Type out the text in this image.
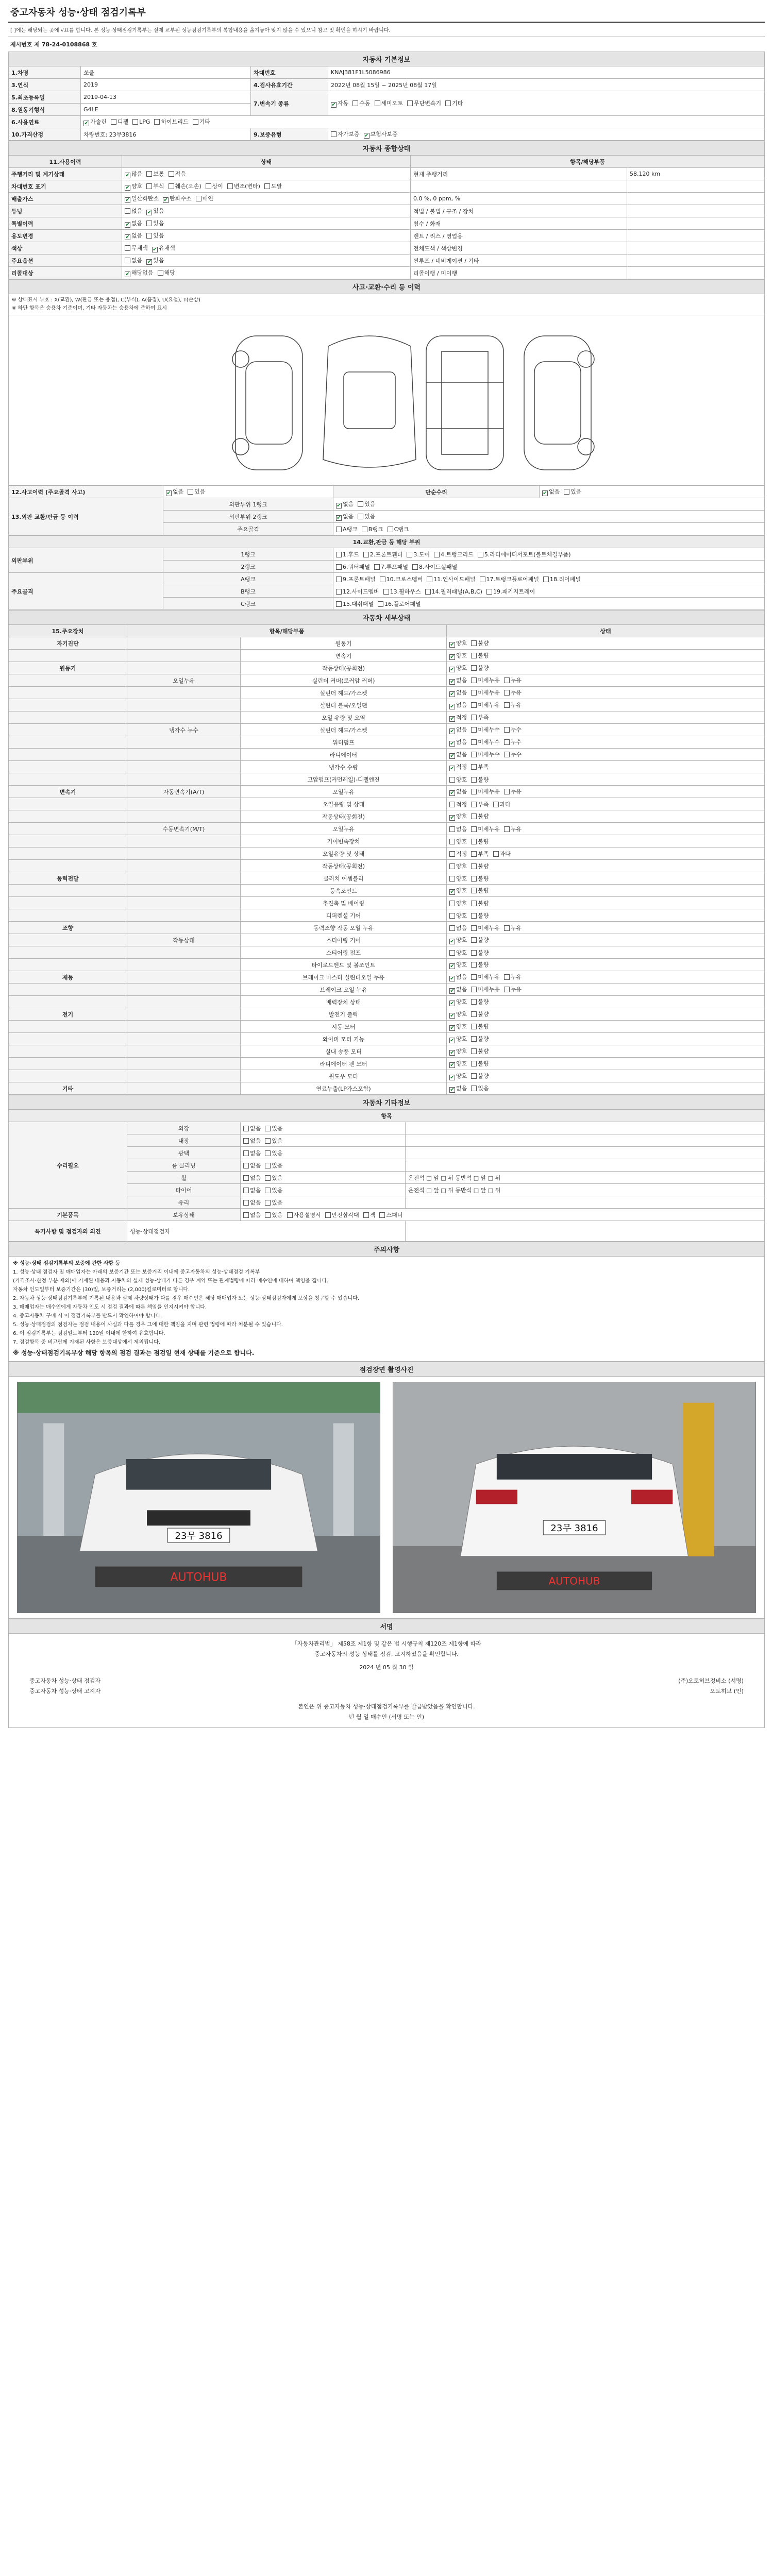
중고자동차 성능·상태 점검기록부
[ ]에는 해당되는 곳에 √표를 합니다. 본 성능·상태점검기록부는 실제 교부된 성능점검기록부의 복합내용을 옮겨놓아 맞지 않을 수 있으니 참고 및 확인을 하시기 바랍니다.
제시번호 제 78-24-0108868 호
자동차 기본정보			
1.차명	쏘울	차대번호	KNAJ381F1L5086986
3.연식	2019	4.검사유효기간	2022년 08월 15일 ~ 2025년 08월 17일
5.최초등록일	2019-04-13	7.변속기 종류	✔자동 수동 세미오토 무단변속기 기타
8.원동기형식	G4LE		
6.사용연료	✔가솔린 디젤 LPG 하이브리드 기타
10.가격산정	차량번호: 23무3816	9.보증유형	자가보증 ✔ 보험사보증
자동차 종합상태			
11.사용이력	상태	항목/해당부품	
주행거리 및 계기상태	✔많음 보통 적음	현재 주행거리	58,120 km
차대번호 표기	✔양호 부식 훼손(오손) 상이 변조(변타) 도말		
배출가스	✔일산화탄소 ✔ 탄화수소 매연	0.0 %, 0 ppm, %	
튜닝	없음 ✔ 있음	적법 / 불법 / 구조 / 장치	
특별이력	✔없음 있음	침수 / 화재	
용도변경	✔없음 있음	렌트 / 리스 / 영업용	
색상	무채색 ✔ 유채색	전체도색 / 색상변경	
주요옵션	없음 ✔ 있음	썬루프 / 네비게이션 / 기타	
리콜대상	✔해당없음 해당	리콜이행 / 미이행	
사고·교환·수리 등 이력

※ 상태표시 부호 : X(교환), W(판금 또는 용접), C(부식), A(흠집), U(요철), T(손상)
※ 하단 항목은 승용차 기준이며, 기타 자동차는 승용차에 준하여 표시
12.사고이력 (주요골격 사고)	✔없음 있음	단순수리	✔없음 있음
13.외판 교환/판금 등 이력	외판부위 1랭크	✔없음 있음
	외판부위 2랭크	✔없음 있음
	주요골격	A랭크 B랭크 C랭크	
14.교환,판금 등 해당 부위		
외판부위	1랭크	1.후드 2.프론트휀더 3.도어 4.트렁크리드 5.라디에이터서포트(볼트체결부품)
	2랭크	6.쿼터패널 7.루프패널 8.사이드실패널
주요골격	A랭크	9.프론트패널 10.크로스멤버 11.인사이드패널 17.트렁크플로어패널 18.리어패널
	B랭크	12.사이드멤버 13.휠하우스 14.필러패널(A,B,C) 19.패키지트레이
	C랭크	15.대쉬패널 16.플로어패널
자동차 세부상태			
15.주요장치	항목/해당부품		상태
자기진단		원동기	✔양호 불량
		변속기	✔양호 불량
원동기		작동상태(공회전)	✔양호 불량
	오일누유	실린더 커버(로커암 커버)	✔없음 미세누유 누유
		실린더 헤드/가스켓	✔없음 미세누유 누유
		실린더 블록/오일팬	✔없음 미세누유 누유
		오일 유량 및 오염	✔적정 부족
	냉각수 누수	실린더 헤드/가스켓	✔없음 미세누수 누수
		워터펌프	✔없음 미세누수 누수
		라디에이터	✔없음 미세누수 누수
		냉각수 수량	✔적정 부족
		고압펌프(커먼레일)-디젤엔진	양호 불량
변속기	자동변속기(A/T)	오일누유	✔없음 미세누유 누유
		오일유량 및 상태	적정 부족 과다
		작동상태(공회전)	✔양호 불량
	수동변속기(M/T)	오일누유	없음 미세누유 누유
		기어변속장치	양호 불량
		오일유량 및 상태	적정 부족 과다
		작동상태(공회전)	양호 불량
동력전달		클러치 어셈블리	양호 불량
		등속조인트	✔양호 불량
		추진축 및 베어링	양호 불량
		디퍼렌셜 기어	양호 불량
조향		동력조향 작동 오일 누유	없음 미세누유 누유
	작동상태	스티어링 기어	✔양호 불량
		스티어링 펌프	양호 불량
		타이로드엔드 및 볼조인트	✔양호 불량
제동		브레이크 마스터 실린더오일 누유	✔없음 미세누유 누유
		브레이크 오일 누유	✔없음 미세누유 누유
		배력장치 상태	✔양호 불량
전기		발전기 출력	✔양호 불량
		시동 모터	✔양호 불량
		와이퍼 모터 기능	✔양호 불량
		실내 송풍 모터	✔양호 불량
		라디에이터 팬 모터	✔양호 불량
		윈도우 모터	✔양호 불량
기타		연료누출(LP가스포함)	✔없음 있음
자동차 기타정보			
항목			
수리필요	외장	없음 있음	
	내장	없음 있음	
	광택	없음 있음	
	룸 클리닝	없음 있음	
	휠	없음 있음	운전석 □ 앞 □ 뒤 동반석 □ 앞 □ 뒤
	타이어	없음 있음	운전석 □ 앞 □ 뒤 동반석 □ 앞 □ 뒤
	유리	없음 있음	
기본품목	보유상태	없음 있음 사용설명서 안전삼각대 잭 스패너	
특기사항 및 점검자의 의견	성능·상태점검자		
주의사항

※ 성능·상태 점검기록부의 보증에 관한 사항 등

1. 성능·상태 점검자 및 매매업자는 아래의 보증기간 또는 보증거리 이내에 중고자동차의 성능·상태점검 기록부

(가격조사·산정 부분 제외)에 기재된 내용과 자동차의 실제 성능·상태가 다른 경우 계약 또는 관계법령에 따라 매수인에 대하여 책임을 집니다.

자동차 인도일부터 보증기간은 (30)일, 보증거리는 (2,000)킬로미터로 합니다.

2. 자동차 성능·상태점검기록부에 기록된 내용과 실제 차량상태가 다를 경우 매수인은 해당 매매업자 또는 성능·상태점검자에게 보상을 청구할 수 있습니다.

3. 매매업자는 매수인에게 자동차 인도 시 점검 결과에 따른 책임을 인지시켜야 합니다.

4. 중고자동차 구매 시 이 점검기록부를 반드시 확인하여야 합니다.

5. 성능·상태점검의 점검자는 점검 내용이 사실과 다를 경우 그에 대한 책임을 지며 관련 법령에 따라 처분될 수 있습니다.

6. 이 점검기록부는 점검일로부터 120일 이내에 한하여 유효합니다.

7. 점검항목 중 비고란에 기재된 사항은 보증대상에서 제외됩니다.

※ 성능·상태점검기록부상 해당 항목의 점검 결과는 점검일 현재 상태를 기준으로 합니다.

점검장면 촬영사진
23무 3816
AUTOHUB
23무 3816
AUTOHUB
서명
「자동차관리법」 제58조 제1항 및 같은 법 시행규칙 제120조 제1항에 따라
중고자동차의 성능·상태를 점검, 고지하였음을 확인합니다.
2024 년 05 월 30 일
중고자동차 성능·상태 점검자	(주)오토허브정비소 (서명)
중고자동차 성능·상태 고지자	오토허브 (인)
본인은 위 중고자동차 성능·상태점검기록부를 발급받았음을 확인합니다.
년 월 일 매수인 (서명 또는 인)
